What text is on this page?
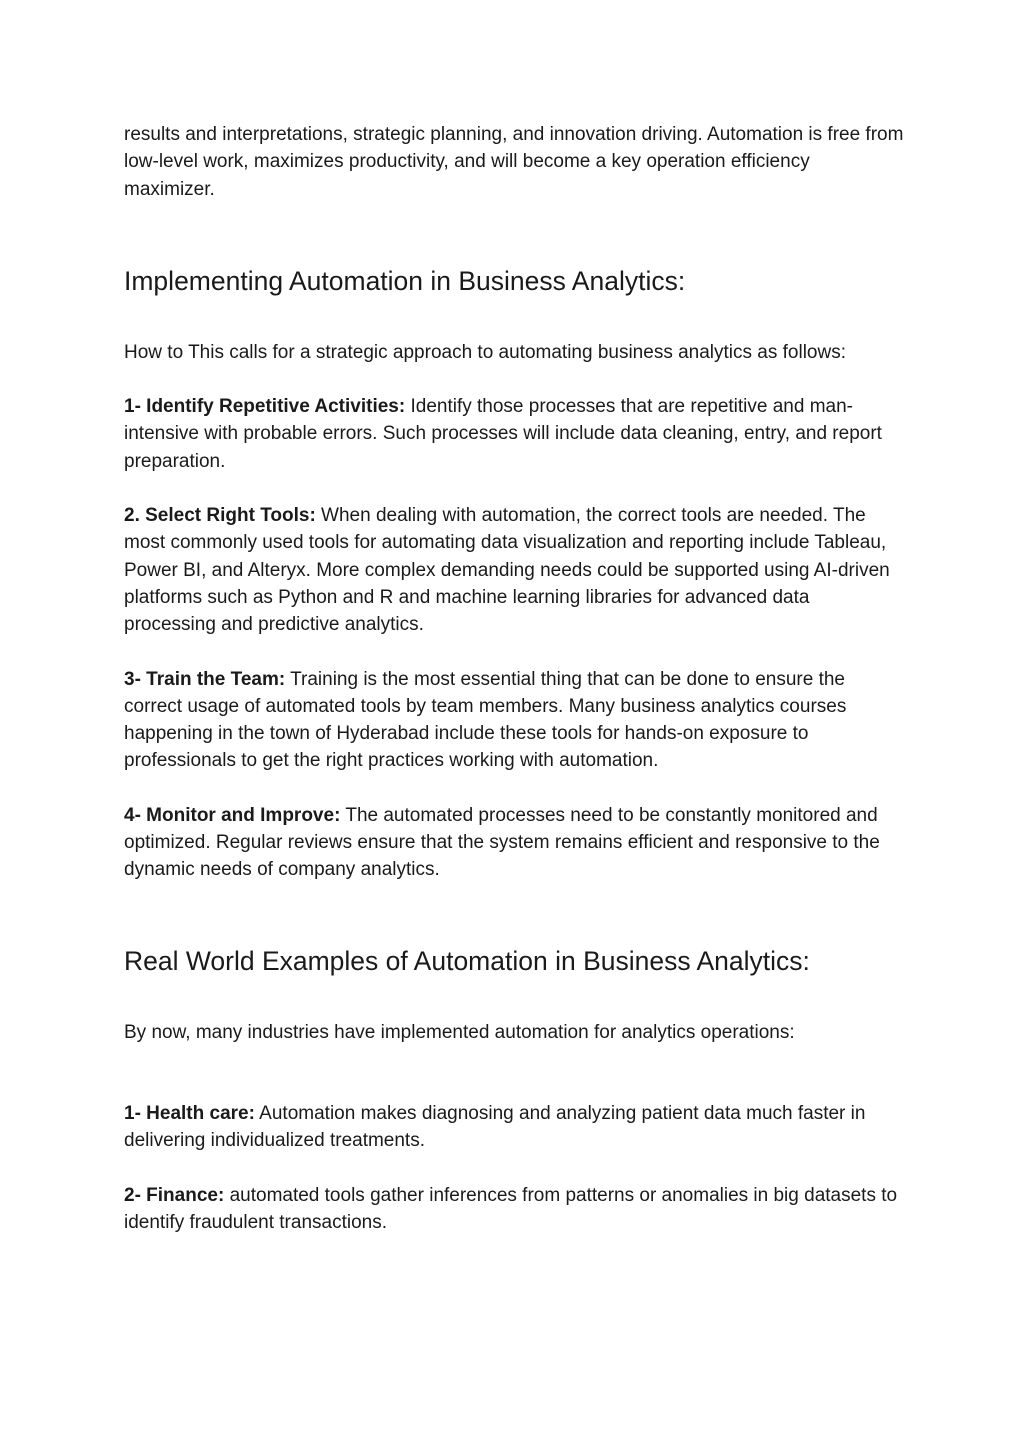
results and interpretations, strategic planning, and innovation driving. Automation is free from low-level work, maximizes productivity, and will become a key operation efficiency maximizer.

Implementing Automation in Business Analytics:

How to This calls for a strategic approach to automating business analytics as follows:

1- Identify Repetitive Activities: Identify those processes that are repetitive and man-intensive with probable errors. Such processes will include data cleaning, entry, and report preparation.

2. Select Right Tools: When dealing with automation, the correct tools are needed. The most commonly used tools for automating data visualization and reporting include Tableau, Power BI, and Alteryx. More complex demanding needs could be supported using AI-driven platforms such as Python and R and machine learning libraries for advanced data processing and predictive analytics.

3- Train the Team: Training is the most essential thing that can be done to ensure the correct usage of automated tools by team members. Many business analytics courses happening in the town of Hyderabad include these tools for hands-on exposure to professionals to get the right practices working with automation.

4- Monitor and Improve: The automated processes need to be constantly monitored and optimized. Regular reviews ensure that the system remains efficient and responsive to the dynamic needs of company analytics.

Real World Examples of Automation in Business Analytics:

By now, many industries have implemented automation for analytics operations:

1- Health care: Automation makes diagnosing and analyzing patient data much faster in delivering individualized treatments.

2- Finance: automated tools gather inferences from patterns or anomalies in big datasets to identify fraudulent transactions.
